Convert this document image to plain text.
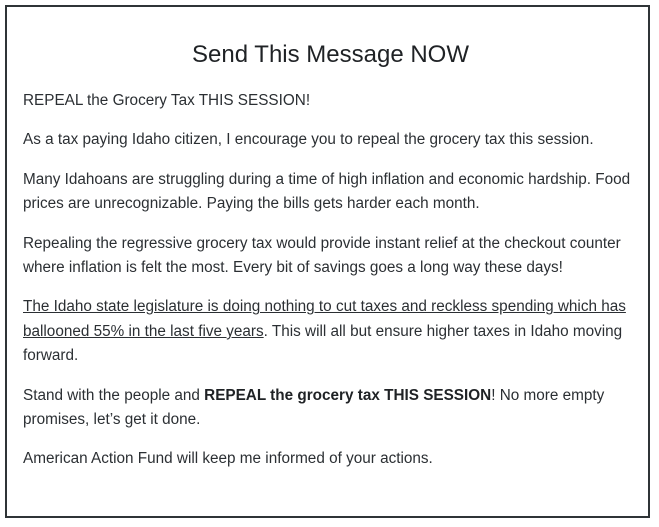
Send This Message NOW

REPEAL the Grocery Tax THIS SESSION!

As a tax paying Idaho citizen, I encourage you to repeal the grocery tax this session.

Many Idahoans are struggling during a time of high inflation and economic hardship. Food prices are unrecognizable. Paying the bills gets harder each month.

Repealing the regressive grocery tax would provide instant relief at the checkout counter where inflation is felt the most. Every bit of savings goes a long way these days!

The Idaho state legislature is doing nothing to cut taxes and reckless spending which has ballooned 55% in the last five years. This will all but ensure higher taxes in Idaho moving forward.

Stand with the people and REPEAL the grocery tax THIS SESSION! No more empty promises, let’s get it done.

American Action Fund will keep me informed of your actions.
